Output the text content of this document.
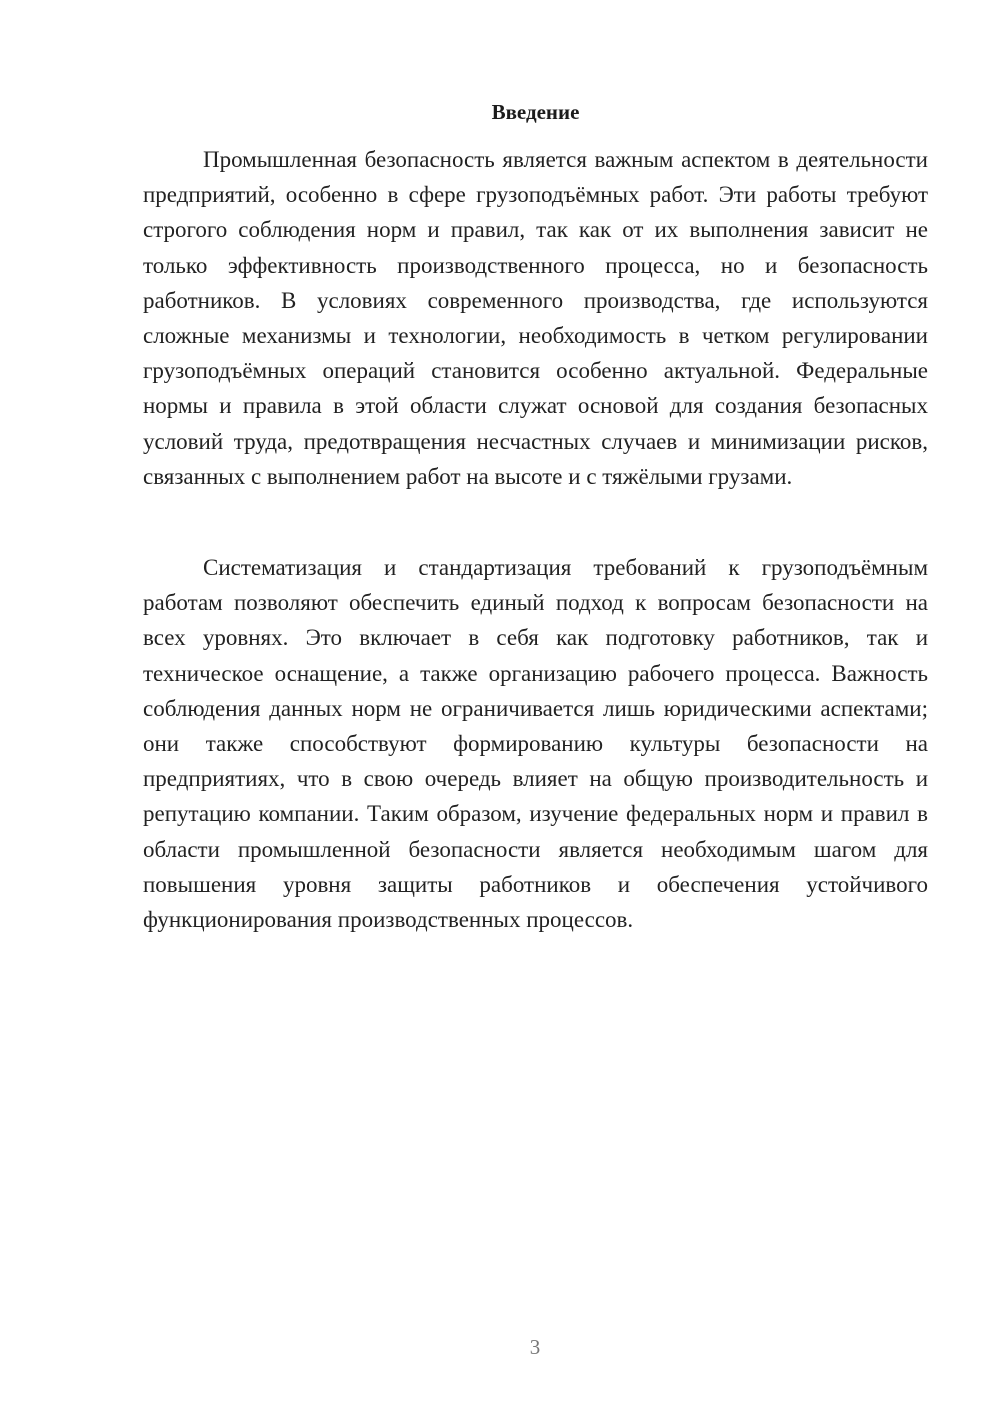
Введение

Промышленная безопасность является важным аспектом в деятельности предприятий, особенно в сфере грузоподъёмных работ. Эти работы требуют строгого соблюдения норм и правил, так как от их выполнения зависит не только эффективность производственного процесса, но и безопасность работников. В условиях современного производства, где используются сложные механизмы и технологии, необходимость в четком регулировании грузоподъёмных операций становится особенно актуальной. Федеральные нормы и правила в этой области служат основой для создания безопасных условий труда, предотвращения несчастных случаев и минимизации рисков, связанных с выполнением работ на высоте и с тяжёлыми грузами.

Систематизация и стандартизация требований к грузоподъёмным работам позволяют обеспечить единый подход к вопросам безопасности на всех уровнях. Это включает в себя как подготовку работников, так и техническое оснащение, а также организацию рабочего процесса. Важность соблюдения данных норм не ограничивается лишь юридическими аспектами; они также способствуют формированию культуры безопасности на предприятиях, что в свою очередь влияет на общую производительность и репутацию компании. Таким образом, изучение федеральных норм и правил в области промышленной безопасности является необходимым шагом для повышения уровня защиты работников и обеспечения устойчивого функционирования производственных процессов.

3
